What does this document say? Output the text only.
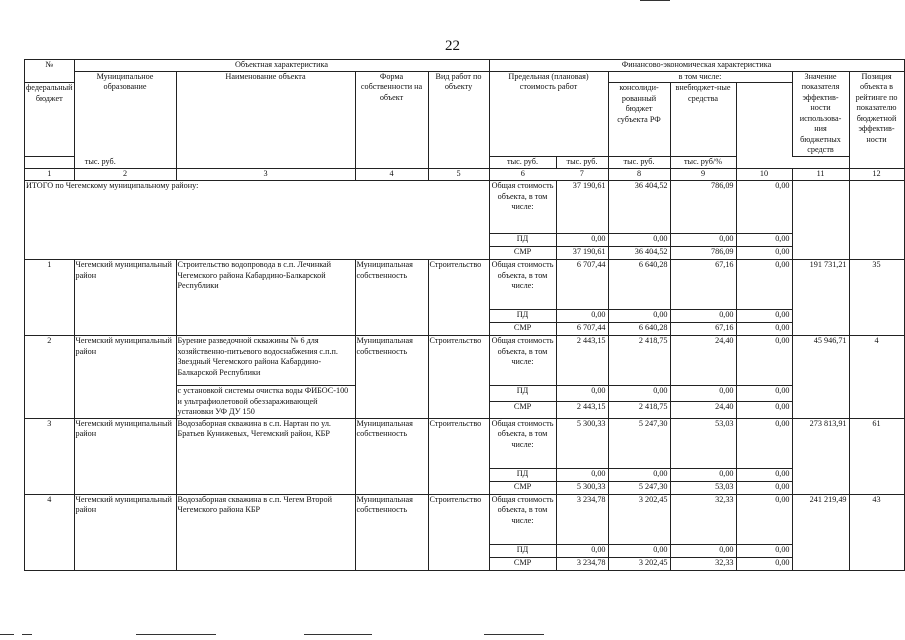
22
№	Объектная характеристика				Финансово-экономическая характеристика						
	Муниципальное образование	Наименование объекта	Форма собственности на объект	Вид работ по объекту	Предельная (плановая) стоимость работ		в том числе:			Значение показателя эффектив-ности использова-ния бюджетных средств	Позиция объекта в рейтинге по показателю бюджетной эффектив-ности
федеральный бюджет							консолиди-рованный бюджет субъекта РФ	внебюджет-ные средства			
тыс. руб.					тыс. руб.	тыс. руб.	тыс. руб.	тыс. руб/%			
1	2	3	4	5	6	7	8	9	10	11	12
ИТОГО по Чегемскому муниципальному району:					Общая стоимость объекта, в том числе:	37 190,61	36 404,52	786,09	0,00		
					ПД	0,00	0,00	0,00	0,00		
					СМР	37 190,61	36 404,52	786,09	0,00		
1	Чегемский муниципальный район	Строительство водопровода в с.п. Лечинкай Чегемского района Кабардино-Балкарской Республики	Муниципальная собственность	Строительство	Общая стоимость объекта, в том числе:	6 707,44	6 640,28	67,16	0,00	191 731,21	35
					ПД	0,00	0,00	0,00	0,00		
					СМР	6 707,44	6 640,28	67,16	0,00		
2	Чегемский муниципальный район	Бурение разведочной скважины № 6 для хозяйственно-питьевого водоснабжения с.п.п. Звездный Чегемского района Кабардино-Балкарской Республики	Муниципальная собственность	Строительство	Общая стоимость объекта, в том числе:	2 443,15	2 418,75	24,40	0,00	45 946,71	4
		с установкой системы очистка воды ФИБОС-100 и ультрафиолетовой обеззараживающей установки УФ ДУ 150			ПД	0,00	0,00	0,00	0,00		
					СМР	2 443,15	2 418,75	24,40	0,00		
3	Чегемский муниципальный район	Водозаборная скважина в с.п. Нартан по ул. Братьев Кунижевых, Чегемский район, КБР	Муниципальная собственность	Строительство	Общая стоимость объекта, в том числе:	5 300,33	5 247,30	53,03	0,00	273 813,91	61
					ПД	0,00	0,00	0,00	0,00		
					СМР	5 300,33	5 247,30	53,03	0,00		
4	Чегемский муниципальный район	Водозаборная скважина в с.п. Чегем Второй Чегемского района КБР	Муниципальная собственность	Строительство	Общая стоимость объекта, в том числе:	3 234,78	3 202,45	32,33	0,00	241 219,49	43
					ПД	0,00	0,00	0,00	0,00		
					СМР	3 234,78	3 202,45	32,33	0,00		
